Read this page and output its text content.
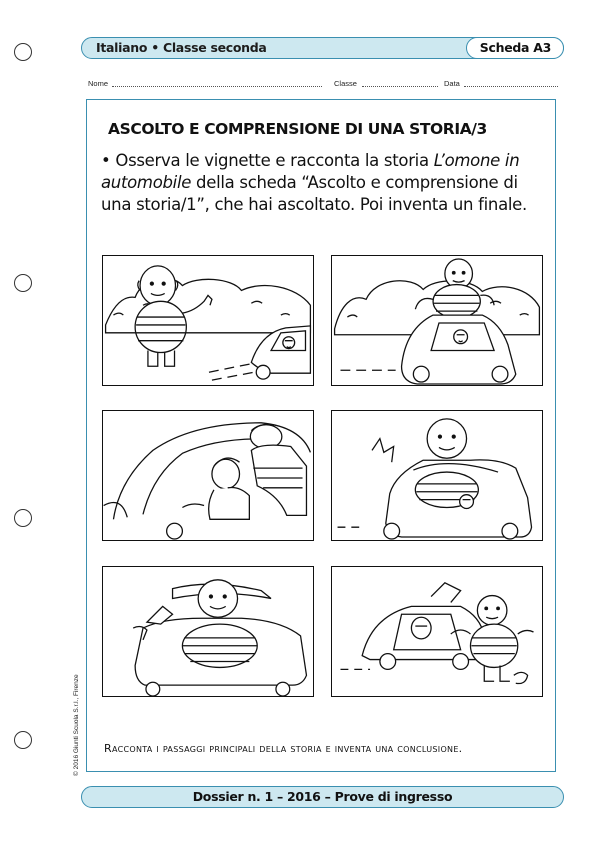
Italiano • Classe seconda	Scheda A3
Nome	Classe	Data
ASCOLTO E COMPRENSIONE DI UNA STORIA/3
• Osserva le vignette e racconta la storia L’omone in automobile della scheda “Ascolto e comprensione di una storia/1”, che hai ascoltato. Poi inventa un finale.
Racconta i passaggi principali della storia e inventa una conclusione.
© 2016 Giunti Scuola S.r.l., Firenze
Dossier n. 1 – 2016 – Prove di ingresso
